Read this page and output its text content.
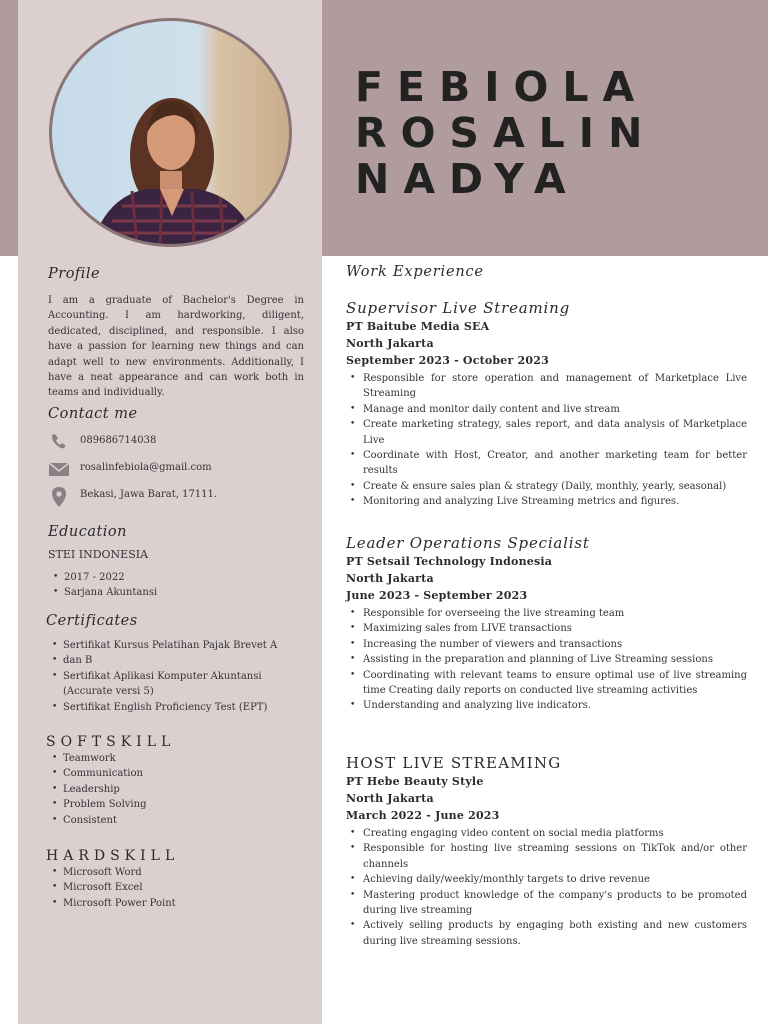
FEBIOLA
ROSALIN
NADYA
Profile
I am a graduate of Bachelor's Degree in Accounting. I am hardworking, diligent, dedicated, disciplined, and responsible. I also have a passion for learning new things and can adapt well to new environments. Additionally, I have a neat appearance and can work both in teams and individually.
Contact me
089686714038
rosalinfebiola@gmail.com
Bekasi, Jawa Barat, 17111.
Education
STEI INDONESIA
• 2017 - 2022
• Sarjana Akuntansi
Certificates
• Sertifikat Kursus Pelatihan Pajak Brevet A
• dan B
• Sertifikat Aplikasi Komputer Akuntansi (Accurate versi 5)
• Sertifikat English Proficiency Test (EPT)
SOFTSKILL
• Teamwork
• Communication
• Leadership
• Problem Solving
• Consistent
HARDSKILL
• Microsoft Word
• Microsoft Excel
• Microsoft Power Point
Work Experience
Supervisor Live Streaming
PT Baitube Media SEA
North Jakarta
September 2023 - October 2023
• Responsible for store operation and management of Marketplace Live Streaming
• Manage and monitor daily content and live stream
• Create marketing strategy, sales report, and data analysis of Marketplace Live
• Coordinate with Host, Creator, and another marketing team for better results
• Create & ensure sales plan & strategy (Daily, monthly, yearly, seasonal)
• Monitoring and analyzing Live Streaming metrics and figures.
Leader Operations Specialist
PT Setsail Technology Indonesia
North Jakarta
June 2023 - September 2023
• Responsible for overseeing the live streaming team
• Maximizing sales from LIVE transactions
• Increasing the number of viewers and transactions
• Assisting in the preparation and planning of Live Streaming sessions
• Coordinating with relevant teams to ensure optimal use of live streaming time Creating daily reports on conducted live streaming activities
• Understanding and analyzing live indicators.
HOST LIVE STREAMING
PT Hebe Beauty Style
North Jakarta
March 2022 - June 2023
• Creating engaging video content on social media platforms
• Responsible for hosting live streaming sessions on TikTok and/or other channels
• Achieving daily/weekly/monthly targets to drive revenue
• Mastering product knowledge of the company's products to be promoted during live streaming
• Actively selling products by engaging both existing and new customers during live streaming sessions.
